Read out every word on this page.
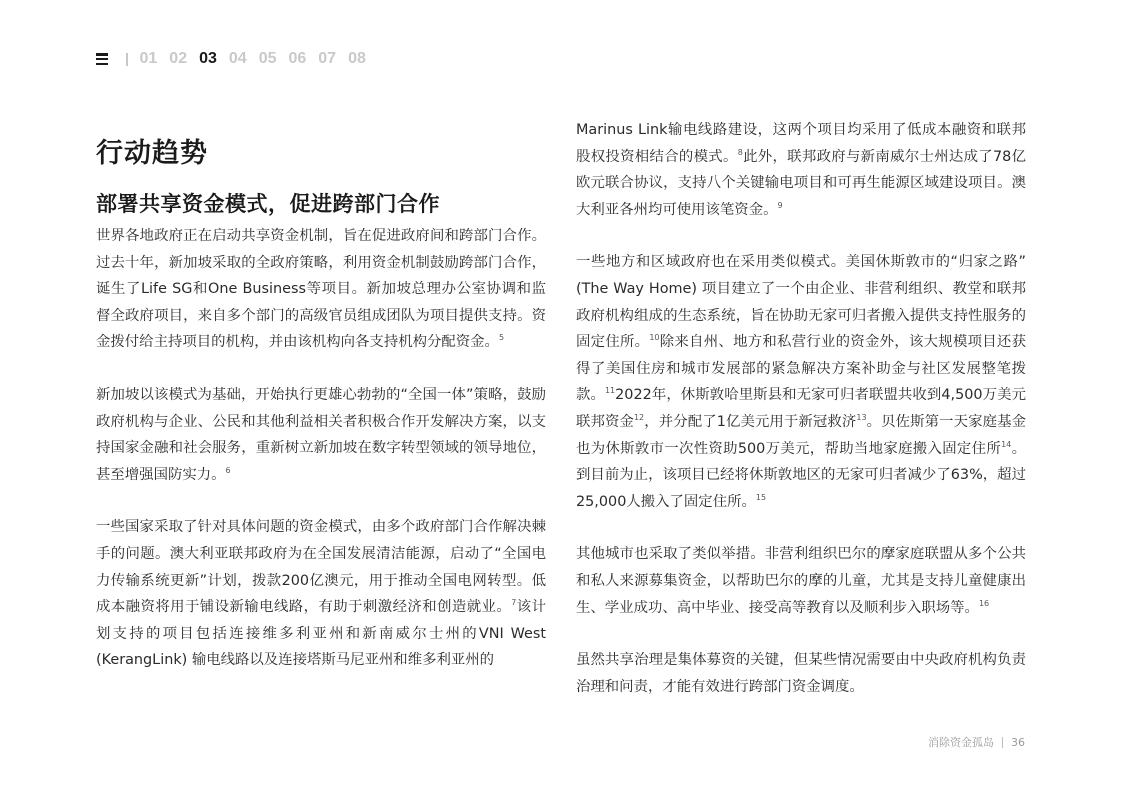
01 02 03 04 05 06 07 08
行动趋势
部署共享资金模式，促进跨部门合作

世界各地政府正在启动共享资金机制，旨在促进政府间和跨部门合作。过去十年，新加坡采取的全政府策略，利用资金机制鼓励跨部门合作，诞生了Life SG和One Business等项目。新加坡总理办公室协调和监督全政府项目，来自多个部门的高级官员组成团队为项目提供支持。资金拨付给主持项目的机构，并由该机构向各支持机构分配资金。$^5$

新加坡以该模式为基础，开始执行更雄心勃勃的“全国一体”策略，鼓励政府机构与企业、公民和其他利益相关者积极合作开发解决方案，以支持国家金融和社会服务，重新树立新加坡在数字转型领域的领导地位，甚至增强国防实力。$^6$

一些国家采取了针对具体问题的资金模式，由多个政府部门合作解决棘手的问题。澳大利亚联邦政府为在全国发展清洁能源，启动了“全国电力传输系统更新”计划，拨款200亿澳元，用于推动全国电网转型。低成本融资将用于铺设新输电线路，有助于刺激经济和创造就业。$^7$该计划支持的项目包括连接维多利亚州和新南威尔士州的VNI West (KerangLink) 输电线路以及连接塔斯马尼亚州和维多利亚州的

Marinus Link输电线路建设，这两个项目均采用了低成本融资和联邦股权投资相结合的模式。$^8$此外，联邦政府与新南威尔士州达成了78亿欧元联合协议，支持八个关键输电项目和可再生能源区域建设项目。澳大利亚各州均可使用该笔资金。$^9$

一些地方和区域政府也在采用类似模式。美国休斯敦市的“归家之路” (The Way Home) 项目建立了一个由企业、非营利组织、教堂和联邦政府机构组成的生态系统，旨在协助无家可归者搬入提供支持性服务的固定住所。$^{10}$除来自州、地方和私营行业的资金外，该大规模项目还获得了美国住房和城市发展部的紧急解决方案补助金与社区发展整笔拨款。$^{11}$2022年，休斯敦哈里斯县和无家可归者联盟共收到4,500万美元联邦资金$^{12}$，并分配了1亿美元用于新冠救济$^{13}$。贝佐斯第一天家庭基金也为休斯敦市一次性资助500万美元，帮助当地家庭搬入固定住所$^{14}$。到目前为止，该项目已经将休斯敦地区的无家可归者减少了63%，超过25,000人搬入了固定住所。$^{15}$

其他城市也采取了类似举措。非营利组织巴尔的摩家庭联盟从多个公共和私人来源募集资金，以帮助巴尔的摩的儿童，尤其是支持儿童健康出生、学业成功、高中毕业、接受高等教育以及顺利步入职场等。$^{16}$

虽然共享治理是集体募资的关键，但某些情况需要由中央政府机构负责治理和问责，才能有效进行跨部门资金调度。

消除资金孤岛 36
